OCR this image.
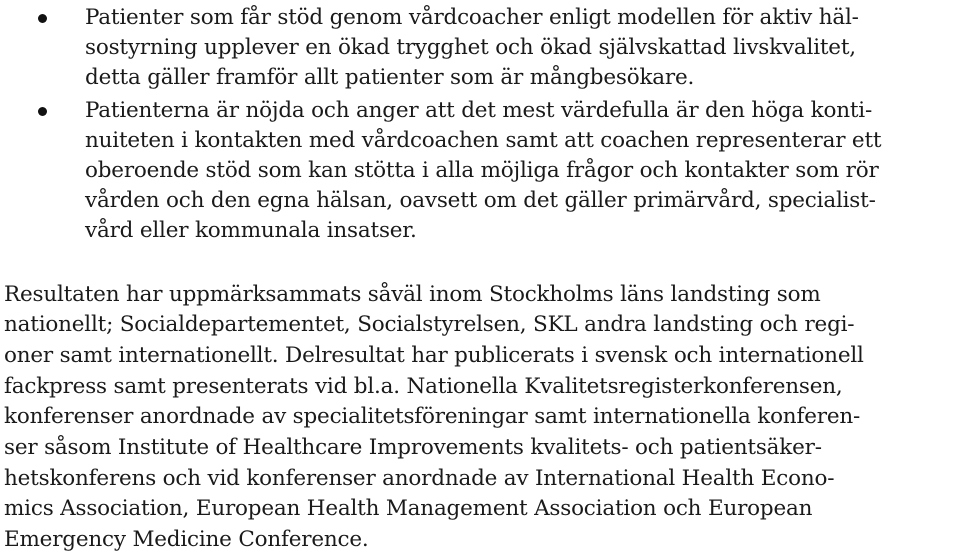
Patienter som får stöd genom vårdcoacher enligt modellen för aktiv häl-
sostyrning upplever en ökad trygghet och ökad självskattad livskvalitet,
detta gäller framför allt patienter som är mångbesökare.
Patienterna är nöjda och anger att det mest värdefulla är den höga konti-
nuiteten i kontakten med vårdcoachen samt att coachen representerar ett
oberoende stöd som kan stötta i alla möjliga frågor och kontakter som rör
vården och den egna hälsan, oavsett om det gäller primärvård, specialist-
vård eller kommunala insatser.
Resultaten har uppmärksammats såväl inom Stockholms läns landsting som
nationellt; Socialdepartementet, Socialstyrelsen, SKL andra landsting och regi-
oner samt internationellt. Delresultat har publicerats i svensk och internationell
fackpress samt presenterats vid bl.a. Nationella Kvalitetsregisterkonferensen,
konferenser anordnade av specialitetsföreningar samt internationella konferen-
ser såsom Institute of Healthcare Improvements kvalitets- och patientsäker-
hetskonferens och vid konferenser anordnade av International Health Econo-
mics Association, European Health Management Association och European
Emergency Medicine Conference.
